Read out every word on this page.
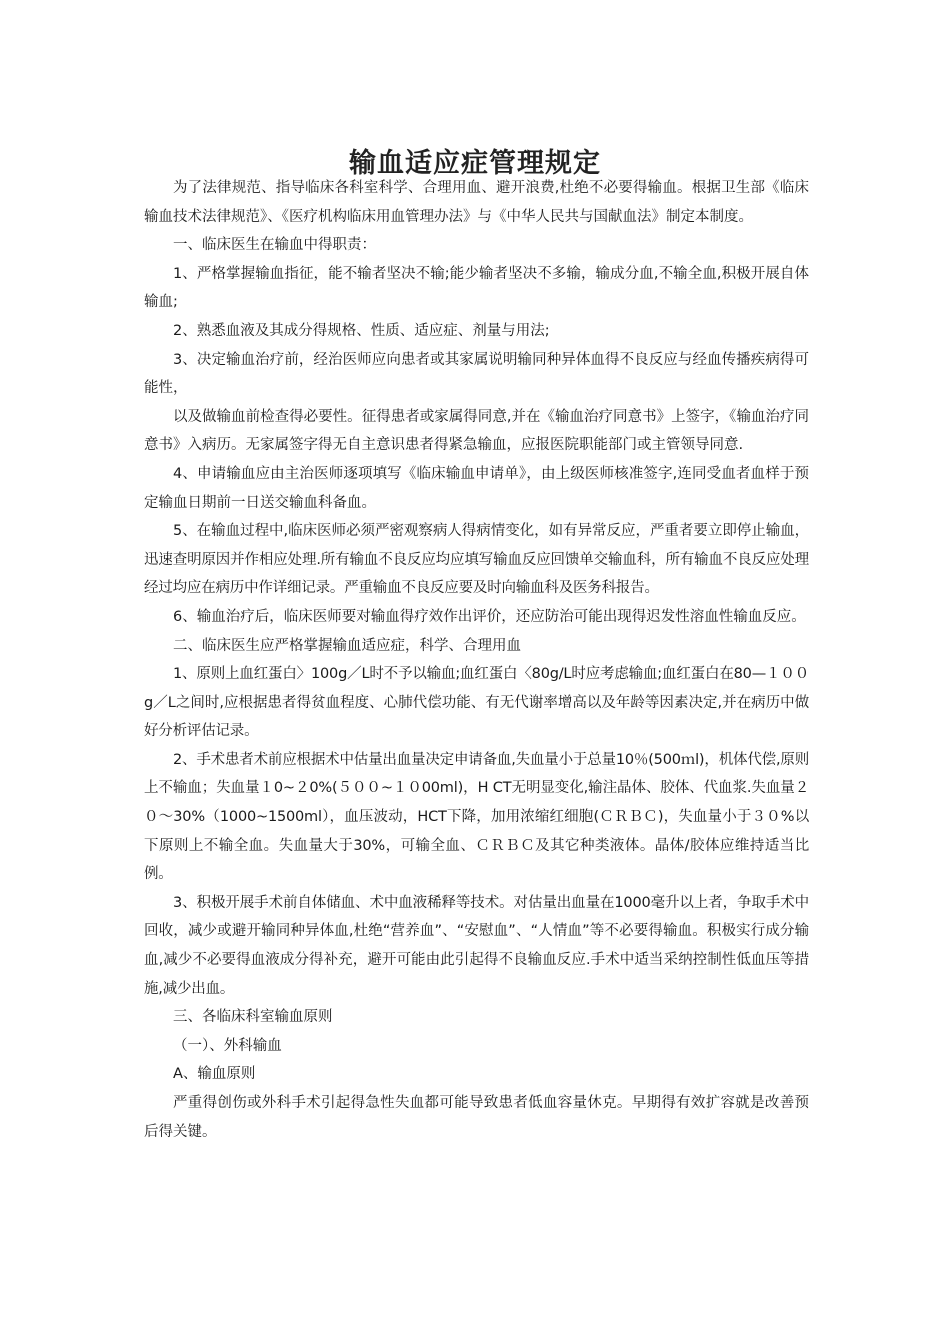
输血适应症管理规定

为了法律规范、指导临床各科室科学、合理用血、避开浪费,杜绝不必要得输血。根据卫生部《临床输血技术法律规范》、《医疗机构临床用血管理办法》与《中华人民共与国献血法》制定本制度。

一、临床医生在输血中得职责：

1、严格掌握输血指征，能不输者坚决不输;能少输者坚决不多输，输成分血,不输全血,积极开展自体输血;

2、熟悉血液及其成分得规格、性质、适应症、剂量与用法;

3、决定输血治疗前，经治医师应向患者或其家属说明输同种异体血得不良反应与经血传播疾病得可能性，

以及做输血前检查得必要性。征得患者或家属得同意,并在《输血治疗同意书》上签字，《输血治疗同意书》入病历。无家属签字得无自主意识患者得紧急输血，应报医院职能部门或主管领导同意.

4、申请输血应由主治医师逐项填写《临床输血申请单》，由上级医师核准签字,连同受血者血样于预定输血日期前一日送交输血科备血。

5、在输血过程中,临床医师必须严密观察病人得病情变化，如有异常反应，严重者要立即停止输血，迅速查明原因并作相应处理.所有输血不良反应均应填写输血反应回馈单交输血科，所有输血不良反应处理经过均应在病历中作详细记录。严重输血不良反应要及时向输血科及医务科报告。

6、输血治疗后，临床医师要对输血得疗效作出评价，还应防治可能出现得迟发性溶血性输血反应。

二、临床医生应严格掌握输血适应症，科学、合理用血

1、原则上血红蛋白〉100g／L时不予以输血;血红蛋白〈80g/L时应考虑输血;血红蛋白在80—１００g／L之间时,应根据患者得贫血程度、心肺代偿功能、有无代谢率增高以及年龄等因素决定,并在病历中做好分析评估记录。

2、手术患者术前应根据术中估量出血量决定申请备血,失血量小于总量10％(500ｍl)，机体代偿,原则上不输血；失血量１0~２0%(５００~１０00ml)，H CT无明显变化,输注晶体、胶体、代血浆.失血量２０～30%（1000~1500ml），血压波动，HCT下降，加用浓缩红细胞(ＣＲＢＣ)，失血量小于３０%以下原则上不输全血。失血量大于30%，可输全血、ＣＲＢＣ及其它种类液体。晶体/胶体应维持适当比例。

3、积极开展手术前自体储血、术中血液稀释等技术。对估量出血量在1000毫升以上者，争取手术中回收，减少或避开输同种异体血,杜绝“营养血”、“安慰血”、“人情血”等不必要得输血。积极实行成分输血,减少不必要得血液成分得补充，避开可能由此引起得不良输血反应.手术中适当采纳控制性低血压等措施,减少出血。

三、各临床科室输血原则

（一）、外科输血

A、输血原则

严重得创伤或外科手术引起得急性失血都可能导致患者低血容量休克。早期得有效扩容就是改善预后得关键。
